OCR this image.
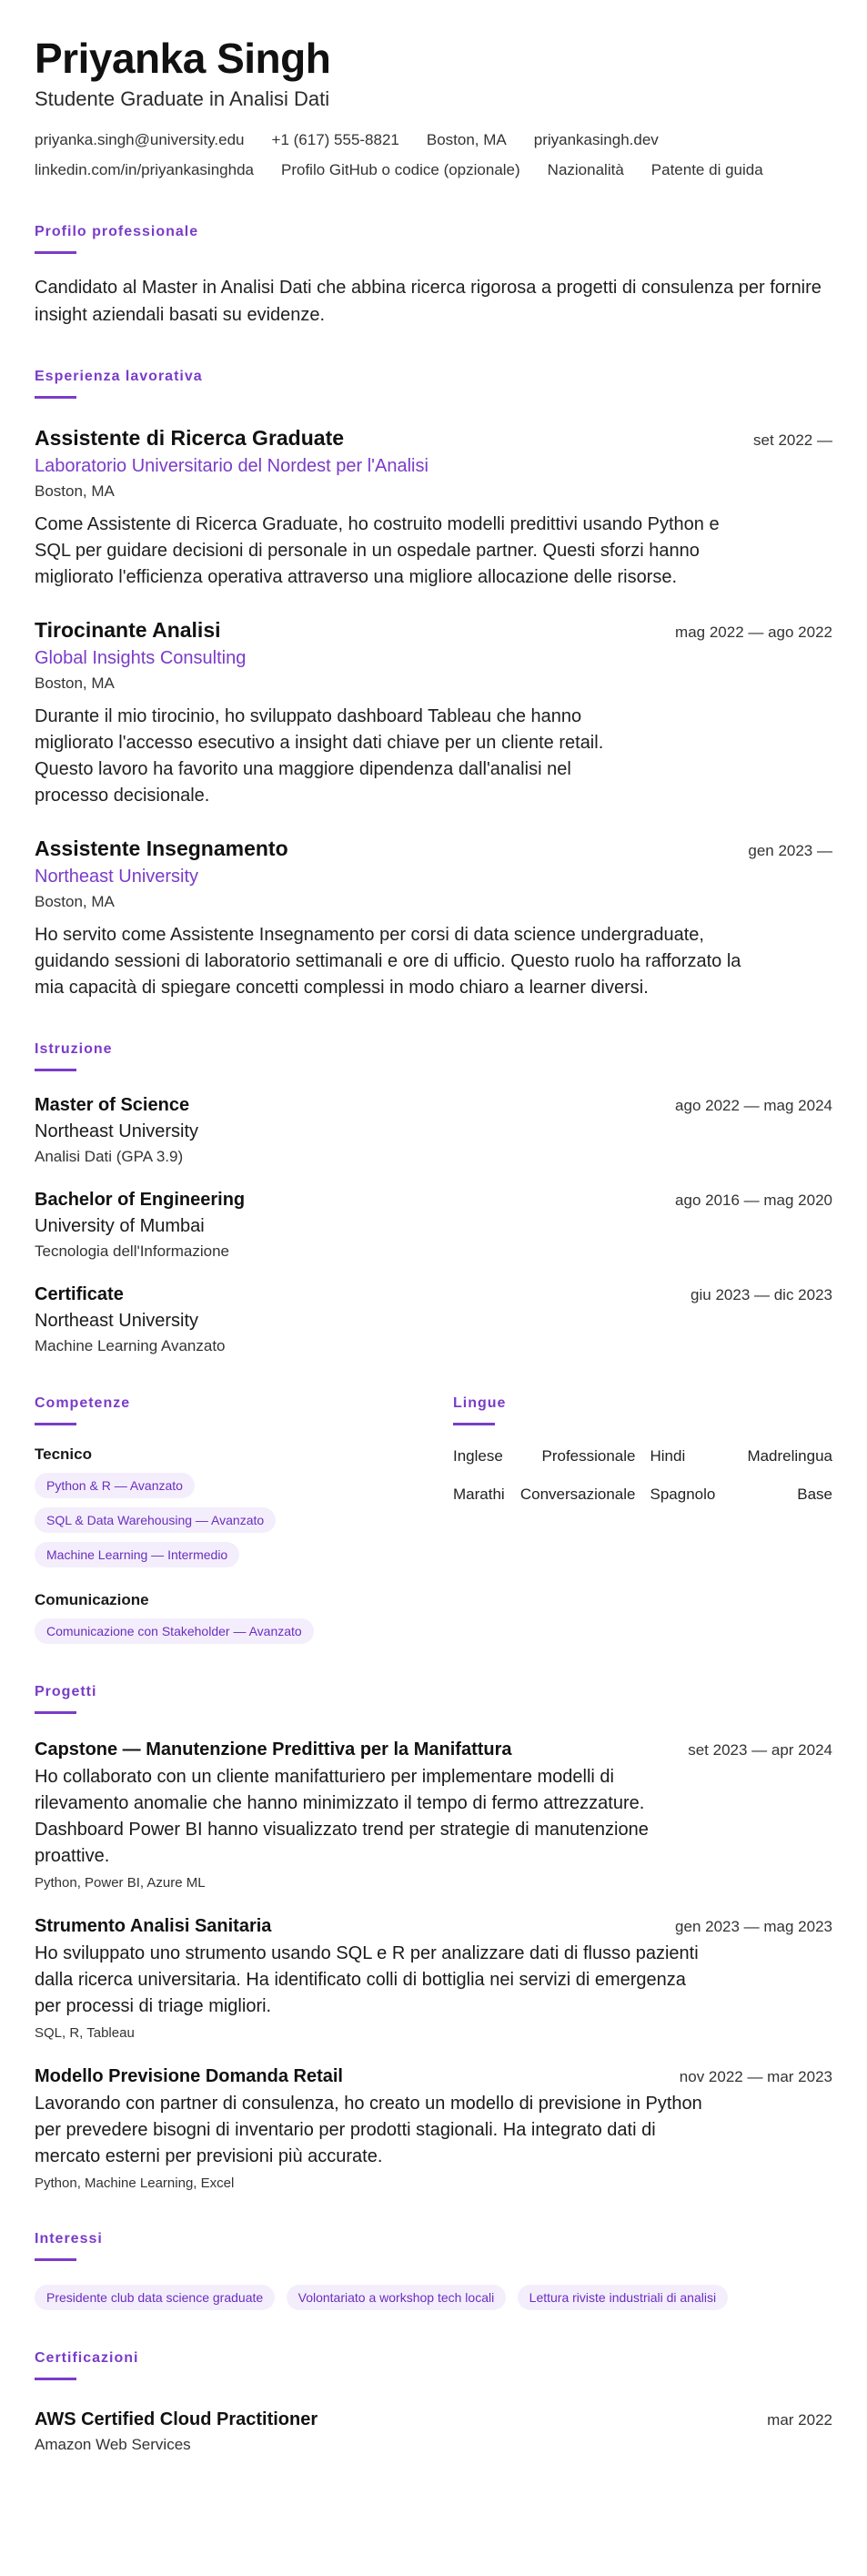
Priyanka Singh
Studente Graduate in Analisi Dati
priyanka.singh@university.edu +1 (617) 555-8821 Boston, MA priyankasingh.dev
linkedin.com/in/priyankasinghda Profilo GitHub o codice (opzionale) Nazionalità Patente di guida
Profilo professionale
Candidato al Master in Analisi Dati che abbina ricerca rigorosa a progetti di consulenza per fornire insight aziendali basati su evidenze.
Esperienza lavorativa
Assistente di Ricerca Graduate	set 2022 —
Laboratorio Universitario del Nordest per l'Analisi
Boston, MA
Come Assistente di Ricerca Graduate, ho costruito modelli predittivi usando Python e SQL per guidare decisioni di personale in un ospedale partner. Questi sforzi hanno migliorato l'efficienza operativa attraverso una migliore allocazione delle risorse.
Tirocinante Analisi	mag 2022 — ago 2022
Global Insights Consulting
Boston, MA
Durante il mio tirocinio, ho sviluppato dashboard Tableau che hanno migliorato l'accesso esecutivo a insight dati chiave per un cliente retail. Questo lavoro ha favorito una maggiore dipendenza dall'analisi nel processo decisionale.
Assistente Insegnamento	gen 2023 —
Northeast University
Boston, MA
Ho servito come Assistente Insegnamento per corsi di data science undergraduate, guidando sessioni di laboratorio settimanali e ore di ufficio. Questo ruolo ha rafforzato la mia capacità di spiegare concetti complessi in modo chiaro a learner diversi.
Istruzione
Master of Science	ago 2022 — mag 2024
Northeast University
Analisi Dati (GPA 3.9)
Bachelor of Engineering	ago 2016 — mag 2020
University of Mumbai
Tecnologia dell'Informazione
Certificate	giu 2023 — dic 2023
Northeast University
Machine Learning Avanzato
Competenze
Tecnico
Python & R — Avanzato
SQL & Data Warehousing — Avanzato
Machine Learning — Intermedio
Comunicazione
Comunicazione con Stakeholder — Avanzato
Lingue
Inglese	Professionale Hindi	Madrelingua
Marathi Conversazionale Spagnolo	Base
Progetti
Capstone — Manutenzione Predittiva per la Manifattura	set 2023 — apr 2024
Ho collaborato con un cliente manifatturiero per implementare modelli di rilevamento anomalie che hanno minimizzato il tempo di fermo attrezzature. Dashboard Power BI hanno visualizzato trend per strategie di manutenzione proattive.
Python, Power BI, Azure ML
Strumento Analisi Sanitaria	gen 2023 — mag 2023
Ho sviluppato uno strumento usando SQL e R per analizzare dati di flusso pazienti dalla ricerca universitaria. Ha identificato colli di bottiglia nei servizi di emergenza per processi di triage migliori.
SQL, R, Tableau
Modello Previsione Domanda Retail	nov 2022 — mar 2023
Lavorando con partner di consulenza, ho creato un modello di previsione in Python per prevedere bisogni di inventario per prodotti stagionali. Ha integrato dati di mercato esterni per previsioni più accurate.
Python, Machine Learning, Excel
Interessi
Presidente club data science graduate	Volontariato a workshop tech locali	Lettura riviste industriali di analisi
Certificazioni
AWS Certified Cloud Practitioner	mar 2022
Amazon Web Services
